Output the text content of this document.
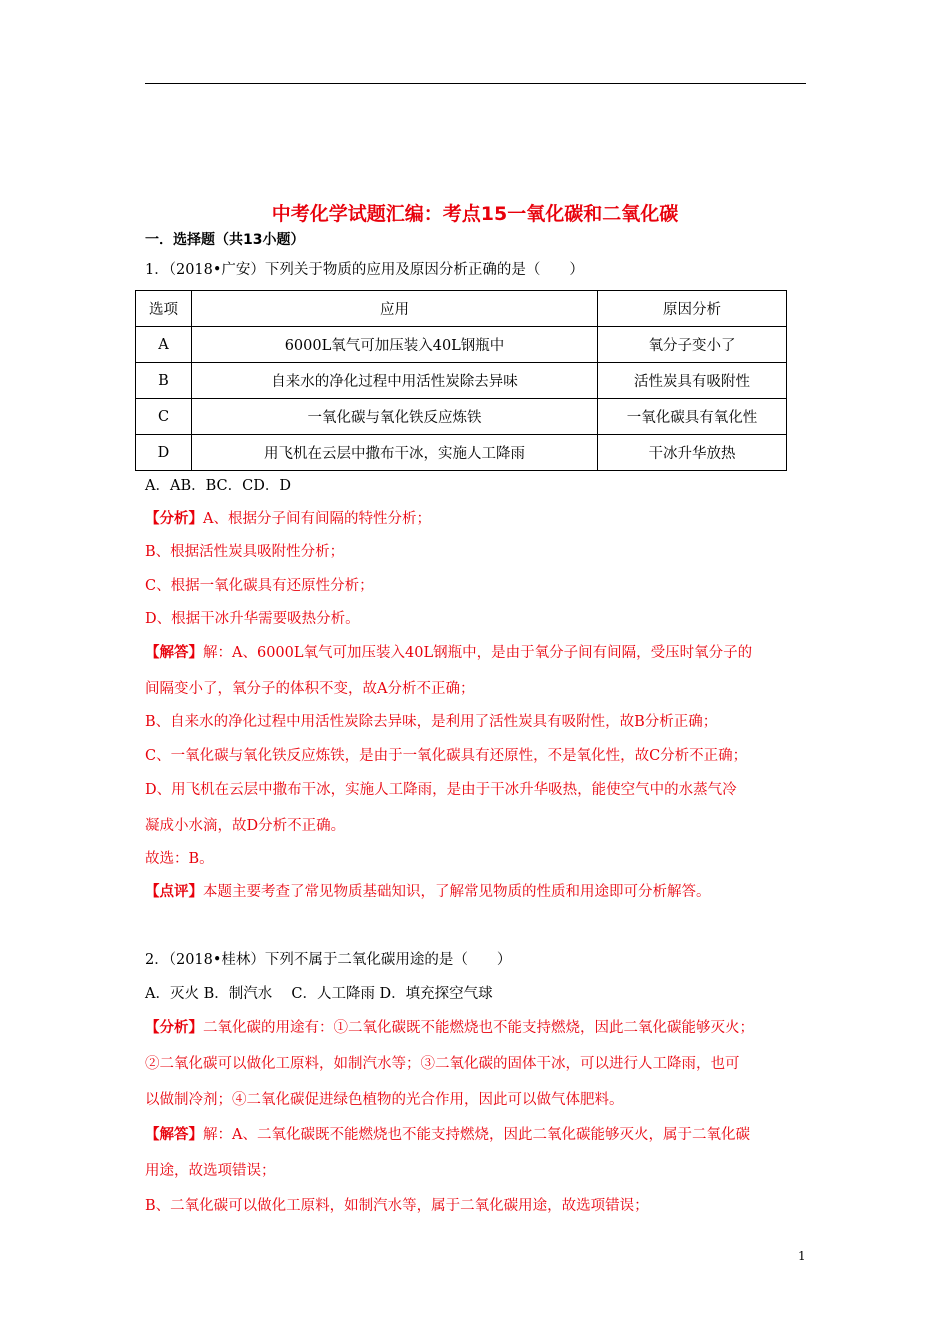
中考化学试题汇编：考点15一氧化碳和二氧化碳
一．选择题（共13小题）
1．（2018•广安）下列关于物质的应用及原因分析正确的是（　　）
选项	应用	原因分析
A	6000L氧气可加压装入40L钢瓶中	氧分子变小了
B	自来水的净化过程中用活性炭除去异味	活性炭具有吸附性
C	一氧化碳与氧化铁反应炼铁	一氧化碳具有氧化性
D	用飞机在云层中撒布干冰，实施人工降雨	干冰升华放热
A．AB．BC．CD．D
【分析】A、根据分子间有间隔的特性分析；
B、根据活性炭具吸附性分析；
C、根据一氧化碳具有还原性分析；
D、根据干冰升华需要吸热分析。
【解答】解：A、6000L氧气可加压装入40L钢瓶中，是由于氧分子间有间隔，受压时氧分子的
间隔变小了，氧分子的体积不变，故A分析不正确；
B、自来水的净化过程中用活性炭除去异味，是利用了活性炭具有吸附性，故B分析正确；
C、一氧化碳与氧化铁反应炼铁，是由于一氧化碳具有还原性，不是氧化性，故C分析不正确；
D、用飞机在云层中撒布干冰，实施人工降雨，是由于干冰升华吸热，能使空气中的水蒸气冷
凝成小水滴，故D分析不正确。
故选：B。
【点评】本题主要考查了常见物质基础知识，了解常见物质的性质和用途即可分析解答。
2．（2018•桂林）下列不属于二氧化碳用途的是（　　）
A．灭火 B．制汽水　 C．人工降雨 D．填充探空气球
【分析】二氧化碳的用途有：①二氧化碳既不能燃烧也不能支持燃烧，因此二氧化碳能够灭火；
②二氧化碳可以做化工原料，如制汽水等；③二氧化碳的固体干冰，可以进行人工降雨，也可
以做制冷剂；④二氧化碳促进绿色植物的光合作用，因此可以做气体肥料。
【解答】解：A、二氧化碳既不能燃烧也不能支持燃烧，因此二氧化碳能够灭火，属于二氧化碳
用途，故选项错误；
B、二氧化碳可以做化工原料，如制汽水等，属于二氧化碳用途，故选项错误；
1
